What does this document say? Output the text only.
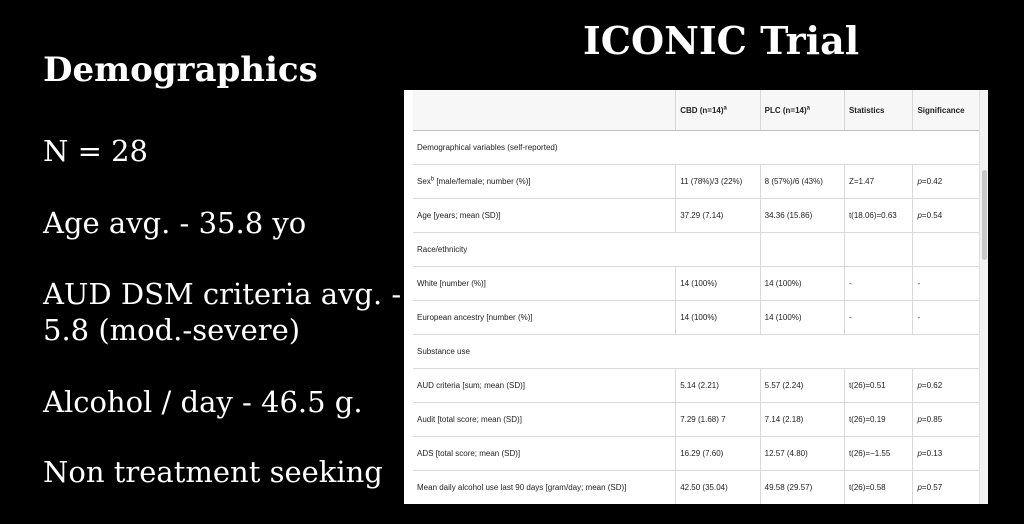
ICONIC Trial
Demographics
N = 28
Age avg. - 35.8 yo
AUD DSM criteria avg. -
5.8 (mod.-severe)
Alcohol / day - 46.5 g.
Non treatment seeking
	CBD (n=14)$^a$	PLC (n=14)$^a$	Statistics	Significance
Demographical variables (self-reported)				
Sex$^b$ [male/female; number (%)]	11 (78%)/3 (22%)	8 (57%)/6 (43%)	Z=1.47	p=0.42
Age [years; mean (SD)]	37.29 (7.14)	34.36 (15.86)	t(18.06)=0.63	p=0.54
Race/ethnicity				
White [number (%)]	14 (100%)	14 (100%)	-	-
European ancestry [number (%)]	14 (100%)	14 (100%)	-	-
Substance use				
AUD criteria [sum; mean (SD)]	5.14 (2.21)	5.57 (2.24)	t(26)=0.51	p=0.62
Audit [total score; mean (SD)]	7.29 (1.68) 7	7.14 (2.18)	t(26)=0.19	p=0.85
ADS [total score; mean (SD)]	16.29 (7.60)	12.57 (4.80)	t(26)=−1.55	p=0.13
Mean daily alcohol use last 90 days [gram/day; mean (SD)]	42.50 (35.04)	49.58 (29.57)	t(26)=0.58	p=0.57
